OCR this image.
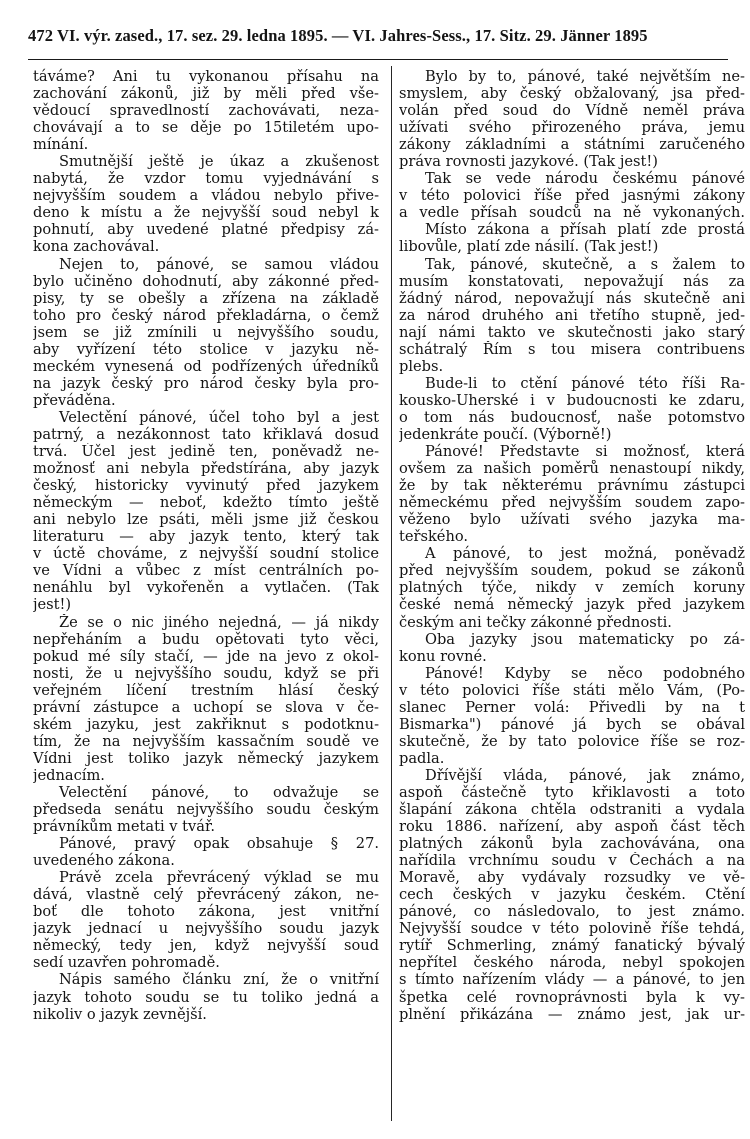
472 VI. výr. zased., 17. sez. 29. ledna 1895. — VI. Jahres-Sess., 17. Sitz. 29. Jänner 1895
táváme? Ani tu vykonanou přísahu na
zachování zákonů, již by měli před vše-
vědoucí spravedlností zachovávati, neza-
chovávají a to se děje po 15tiletém upo-
mínání.
Smutnější ještě je úkaz a zkušenost
nabytá, že vzdor tomu vyjednávání s
nejvyšším soudem a vládou nebylo přive-
deno k místu a že nejvyšší soud nebyl k
pohnutí, aby uvedené platné předpisy zá-
kona zachovával.
Nejen to, pánové, se samou vládou
bylo učiněno dohodnutí, aby zákonné před-
pisy, ty se obešly a zřízena na základě
toho pro český národ překladárna, o čemž
jsem se již zmínili u nejvyššího soudu,
aby vyřízení této stolice v jazyku ně-
meckém vynesená od podřízených úředníků
na jazyk český pro národ česky byla pro-
převáděna.
Velectění pánové, účel toho byl a jest
patrný, a nezákonnost tato křiklavá dosud
trvá. Účel jest jedině ten, poněvadž ne-
možnosť ani nebyla předstírána, aby jazyk
český, historicky vyvinutý před jazykem
německým — neboť, kdežto tímto ještě
ani nebylo lze psáti, měli jsme již českou
literaturu — aby jazyk tento, který tak
v úctě chováme, z nejvyšší soudní stolice
ve Vídni a vůbec z míst centrálních po-
nenáhlu byl vykořeněn a vytlačen. (Tak
jest!)
Že se o nic jiného nejedná, — já nikdy
nepřeháním a budu opětovati tyto věci,
pokud mé síly stačí, — jde na jevo z okol-
nosti, že u nejvyššího soudu, když se při
veřejném líčení trestním hlásí český
právní zástupce a uchopí se slova v če-
ském jazyku, jest zakřiknut s podotknu-
tím, že na nejvyšším kassačním soudě ve
Vídni jest toliko jazyk německý jazykem
jednacím.
Velectění pánové, to odvažuje se
předseda senátu nejvyššího soudu českým
právníkům metati v tvář.
Pánové, pravý opak obsahuje § 27.
uvedeného zákona.
Právě zcela převrácený výklad se mu
dává, vlastně celý převrácený zákon, ne-
boť dle tohoto zákona, jest vnitřní
jazyk jednací u nejvyššího soudu jazyk
německý, tedy jen, když nejvyšší soud
sedí uzavřen pohromadě.
Nápis samého článku zní, že o vnitřní
jazyk tohoto soudu se tu toliko jedná a
nikoliv o jazyk zevnější.
Bylo by to, pánové, také největším ne-
smyslem, aby český obžalovaný, jsa před-
volán před soud do Vídně neměl práva
užívati svého přirozeného práva, jemu
zákony základními a státními zaručeného
práva rovnosti jazykové. (Tak jest!)
Tak se vede národu českému pánové
v této polovici říše před jasnými zákony
a vedle přísah soudců na ně vykonaných.
Místo zákona a přísah platí zde prostá
libovůle, platí zde násilí. (Tak jest!)
Tak, pánové, skutečně, a s žalem to
musím konstatovati, nepovažují nás za
žádný národ, nepovažují nás skutečně ani
za národ druhého ani třetího stupně, jed-
nají námi takto ve skutečnosti jako starý
schátralý Řím s tou misera contribuens
plebs.
Bude-li to ctění pánové této říši Ra-
kousko-Uherské i v budoucnosti ke zdaru,
o tom nás budoucnosť, naše potomstvo
jedenkráte poučí. (Výborně!)
Pánové! Představte si možnosť, která
ovšem za našich poměrů nenastoupí nikdy,
že by tak některému právnímu zástupci
německému před nejvyšším soudem zapo-
věženo bylo užívati svého jazyka ma-
teřského.
A pánové, to jest možná, poněvadž
před nejvyšším soudem, pokud se zákonů
platných týče, nikdy v zemích koruny
české nemá německý jazyk před jazykem
českým ani tečky zákonné přednosti.
Oba jazyky jsou matematicky po zá-
konu rovné.
Pánové! Kdyby se něco podobného
v této polovici říše státi mělo Vám, (Po-
slanec Perner volá: Přivedli by na t
Bismarka") pánové já bych se obával
skutečně, že by tato polovice říše se roz-
padla.
Dřívější vláda, pánové, jak známo,
aspoň částečně tyto křiklavosti a toto
šlapání zákona chtěla odstraniti a vydala
roku 1886. nařízení, aby aspoň část těch
platných zákonů byla zachovávána, ona
nařídila vrchnímu soudu v Čechách a na
Moravě, aby vydávaly rozsudky ve vě-
cech českých v jazyku českém. Ctění
pánové, co následovalo, to jest známo.
Nejvyšší soudce v této polovině říše tehdá,
rytíř Schmerling, známý fanatický bývalý
nepřítel českého národa, nebyl spokojen
s tímto nařízením vlády — a pánové, to jen
špetka celé rovnoprávnosti byla k vy-
plnění přikázána — známo jest, jak ur-
